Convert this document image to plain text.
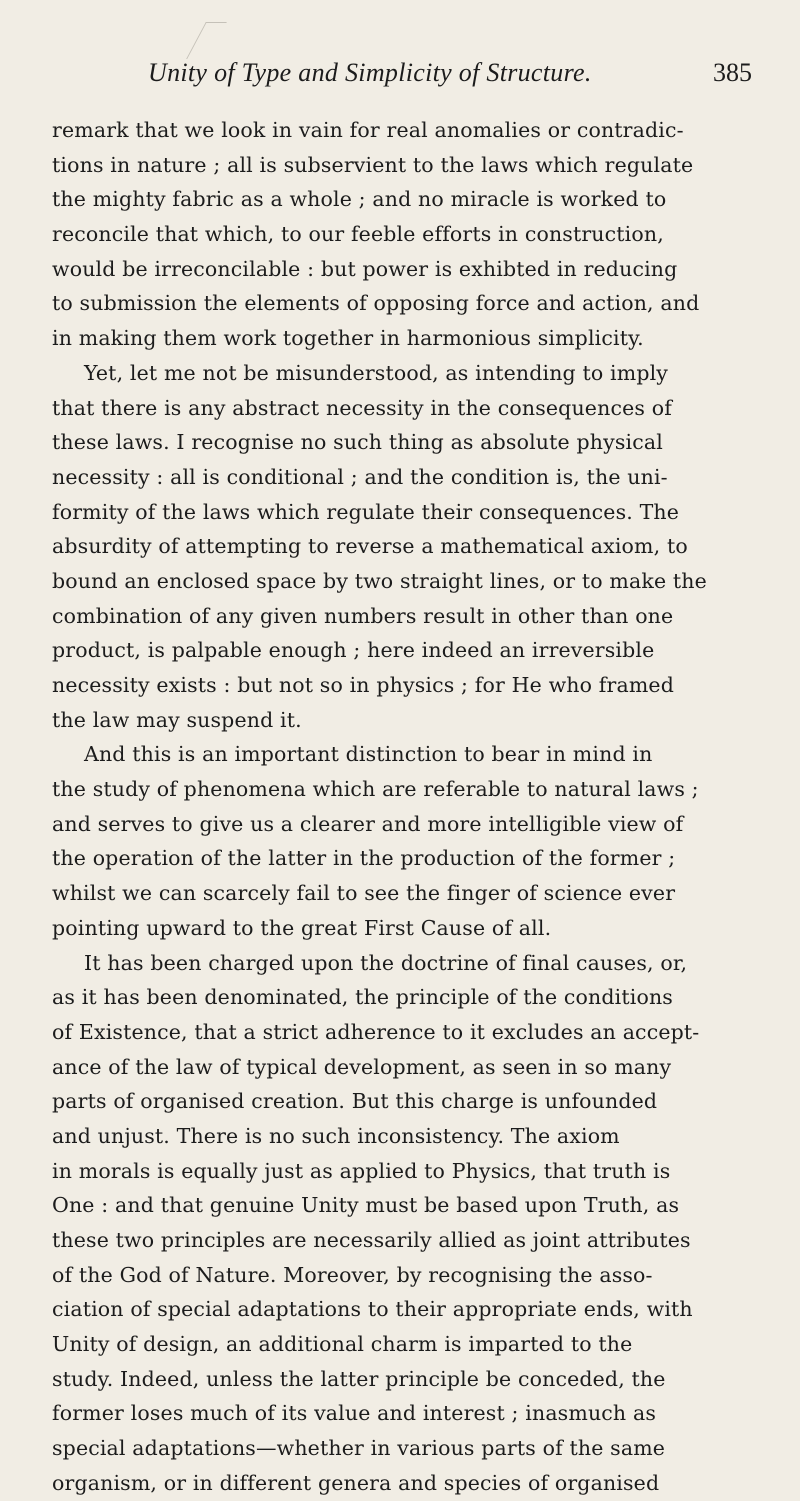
Unity of Type and Simplicity of Structure.	385
remark that we look in vain for real anomalies or contradic-
tions in nature ; all is subservient to the laws which regulate
the mighty fabric as a whole ; and no miracle is worked to
reconcile that which, to our feeble efforts in construction,
would be irreconcilable : but power is exhibted in reducing
to submission the elements of opposing force and action, and
in making them work together in harmonious simplicity.
Yet, let me not be misunderstood, as intending to imply
that there is any abstract necessity in the consequences of
these laws. I recognise no such thing as absolute physical
necessity : all is conditional ; and the condition is, the uni-
formity of the laws which regulate their consequences. The
absurdity of attempting to reverse a mathematical axiom, to
bound an enclosed space by two straight lines, or to make the
combination of any given numbers result in other than one
product, is palpable enough ; here indeed an irreversible
necessity exists : but not so in physics ; for He who framed
the law may suspend it.
And this is an important distinction to bear in mind in
the study of phenomena which are referable to natural laws ;
and serves to give us a clearer and more intelligible view of
the operation of the latter in the production of the former ;
whilst we can scarcely fail to see the finger of science ever
pointing upward to the great First Cause of all.
It has been charged upon the doctrine of final causes, or,
as it has been denominated, the principle of the conditions
of Existence, that a strict adherence to it excludes an accept-
ance of the law of typical development, as seen in so many
parts of organised creation. But this charge is unfounded
and unjust. There is no such inconsistency. The axiom
in morals is equally just as applied to Physics, that truth is
One : and that genuine Unity must be based upon Truth, as
these two principles are necessarily allied as joint attributes
of the God of Nature. Moreover, by recognising the asso-
ciation of special adaptations to their appropriate ends, with
Unity of design, an additional charm is imparted to the
study. Indeed, unless the latter principle be conceded, the
former loses much of its value and interest ; inasmuch as
special adaptations—whether in various parts of the same
organism, or in different genera and species of organised
